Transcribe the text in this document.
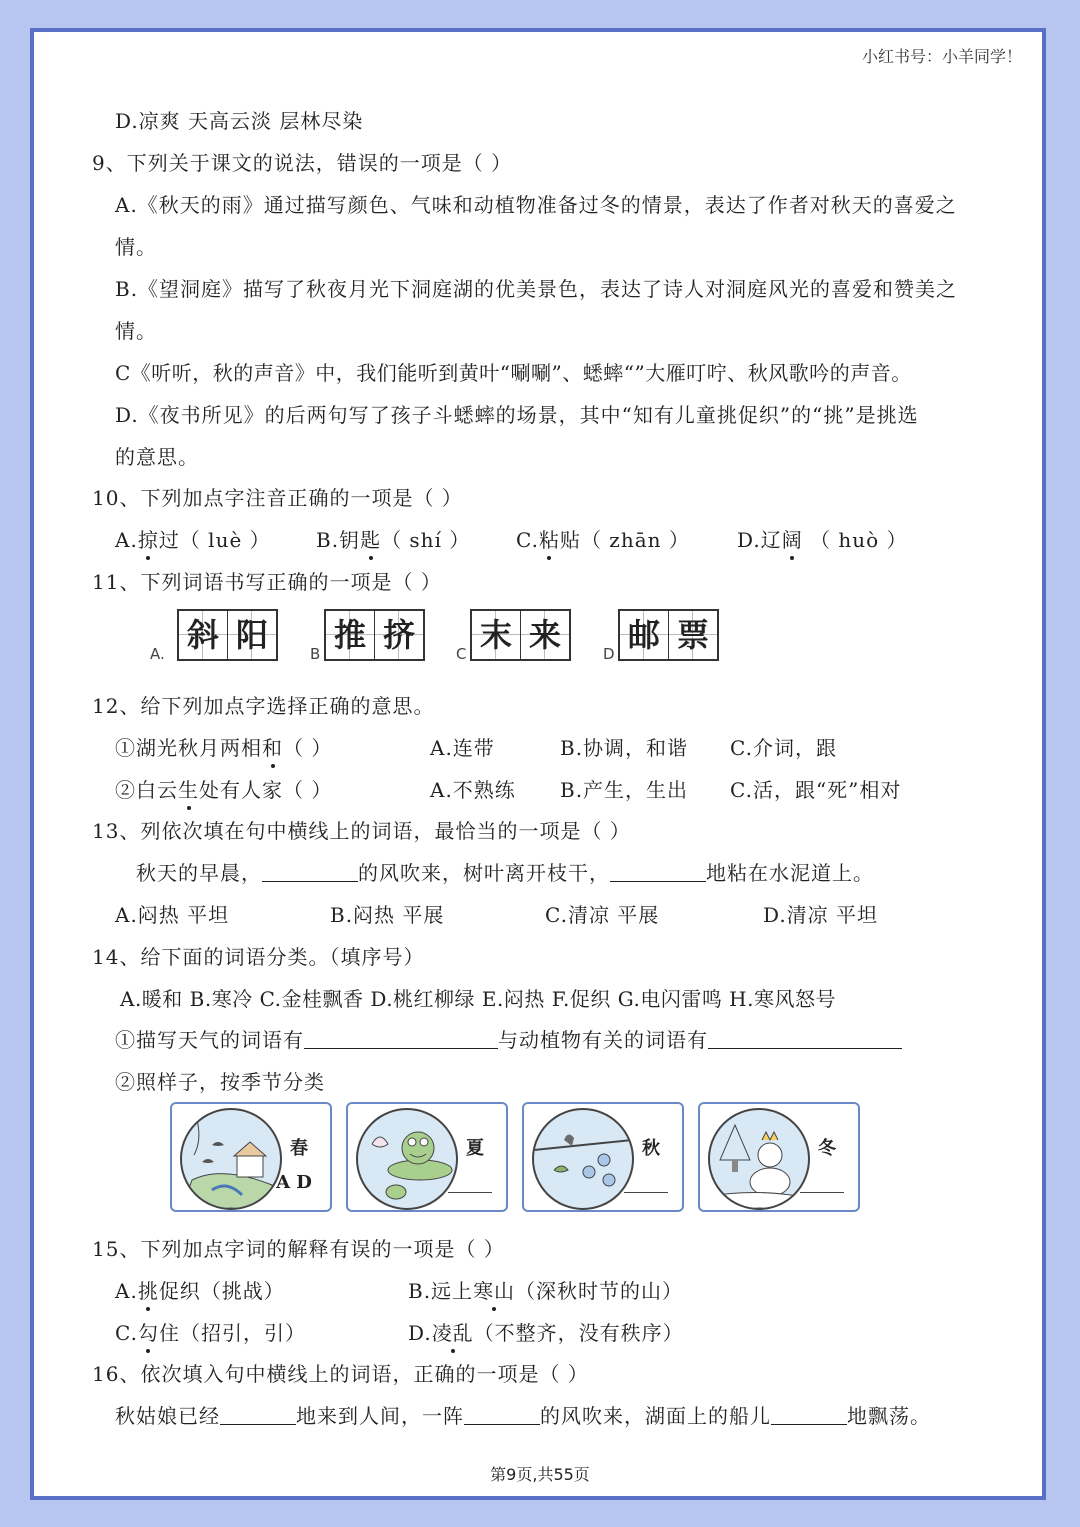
小红书号：小羊同学！
D.凉爽 天高云淡 层林尽染
9、下列关于课文的说法，错误的一项是（ ）
A.《秋天的雨》通过描写颜色、气味和动植物准备过冬的情景，表达了作者对秋天的喜爱之
情。
B.《望洞庭》描写了秋夜月光下洞庭湖的优美景色，表达了诗人对洞庭风光的喜爱和赞美之
情。
C《听听，秋的声音》中，我们能听到黄叶“唰唰”、蟋蟀“”大雁叮咛、秋风歌吟的声音。
D.《夜书所见》的后两句写了孩子斗蟋蟀的场景，其中“知有儿童挑促织”的“挑”是挑选
的意思。
10、下列加点字注音正确的一项是（ ）
A.掠过（ luè ） B.钥匙（ shí ） C.粘贴（ zhān ） D.辽阔 （ huò ）
11、下列词语书写正确的一项是（ ）
A. 斜 阳	B 推 挤	C 末 来	D 邮 票
12、给下列加点字选择正确的意思。
①湖光秋月两相和（ ）	A.连带	B.协调，和谐 C.介词，跟
②白云生处有人家（ ）	A.不熟练 B.产生，生出 C.活，跟“死”相对
13、列依次填在句中横线上的词语，最恰当的一项是（ ）
秋天的早晨，	的风吹来，树叶离开枝干，	地粘在水泥道上。
A.闷热 平坦	B.闷热 平展	C.清凉 平展	D.清凉 平坦
14、给下面的词语分类。（填序号）
A.暖和 B.寒冷 C.金桂飘香 D.桃红柳绿 E.闷热 F.促织 G.电闪雷鸣 H.寒风怒号
①描写天气的词语有	与动植物有关的词语有
②照样子，按季节分类
春
A D
夏	秋	冬
15、下列加点字词的解释有误的一项是（ ）
A.挑促织（挑战）	B.远上寒山（深秋时节的山）
C.勾住（招引，引）	D.凌乱（不整齐，没有秩序）
16、依次填入句中横线上的词语，正确的一项是（ ）
秋姑娘已经	地来到人间，一阵	的风吹来，湖面上的船儿	地飘荡。
第9页,共55页
